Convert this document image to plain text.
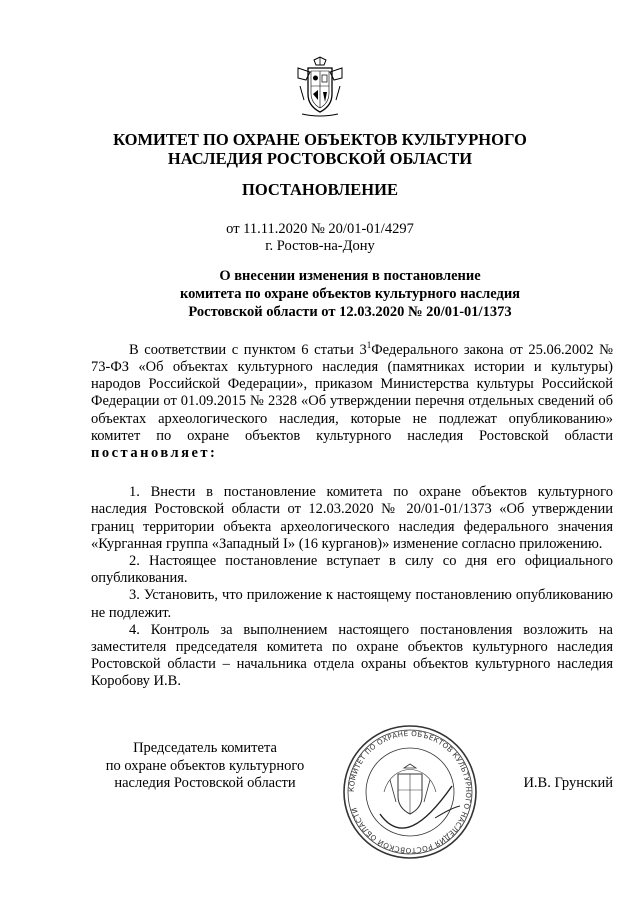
КОМИТЕТ ПО ОХРАНЕ ОБЪЕКТОВ КУЛЬТУРНОГО НАСЛЕДИЯ РОСТОВСКОЙ ОБЛАСТИ
ПОСТАНОВЛЕНИЕ
от 11.11.2020 № 20/01-01/4297
г. Ростов-на-Дону
О внесении изменения в постановление
комитета по охране объектов культурного наследия
Ростовской области от 12.03.2020 № 20/01-01/1373

В соответствии с пунктом 6 статьи $3^1Федерального$ закона от 25.06.2002 № 73-ФЗ «Об объектах культурного наследия (памятниках истории и культуры) народов Российской Федерации», приказом Министерства культуры Российской Федерации от 01.09.2015 № 2328 «Об утверждении перечня отдельных сведений об объектах археологического наследия, которые не подлежат опубликованию» комитет по охране объектов культурного наследия Ростовской области постановляет:

1. Внести в постановление комитета по охране объектов культурного наследия Ростовской области от 12.03.2020 № 20/01-01/1373 «Об утверждении границ территории объекта археологического наследия федерального значения «Курганная группа «Западный I» (16 курганов)» изменение согласно приложению.

2. Настоящее постановление вступает в силу со дня его официального опубликования.

3. Установить, что приложение к настоящему постановлению опубликованию не подлежит.

4. Контроль за выполнением настоящего постановления возложить на заместителя председателя комитета по охране объектов культурного наследия Ростовской области – начальника отдела охраны объектов культурного наследия Коробову И.В.

Председатель комитета
по охране объектов культурного
наследия Ростовской области	КОМИТЕТ ПО ОХРАНЕ ОБЪЕКТОВ КУЛЬТУРНОГО НАСЛЕДИЯ РОСТОВСКОЙ ОБЛАСТИ
И.В. Грунский
